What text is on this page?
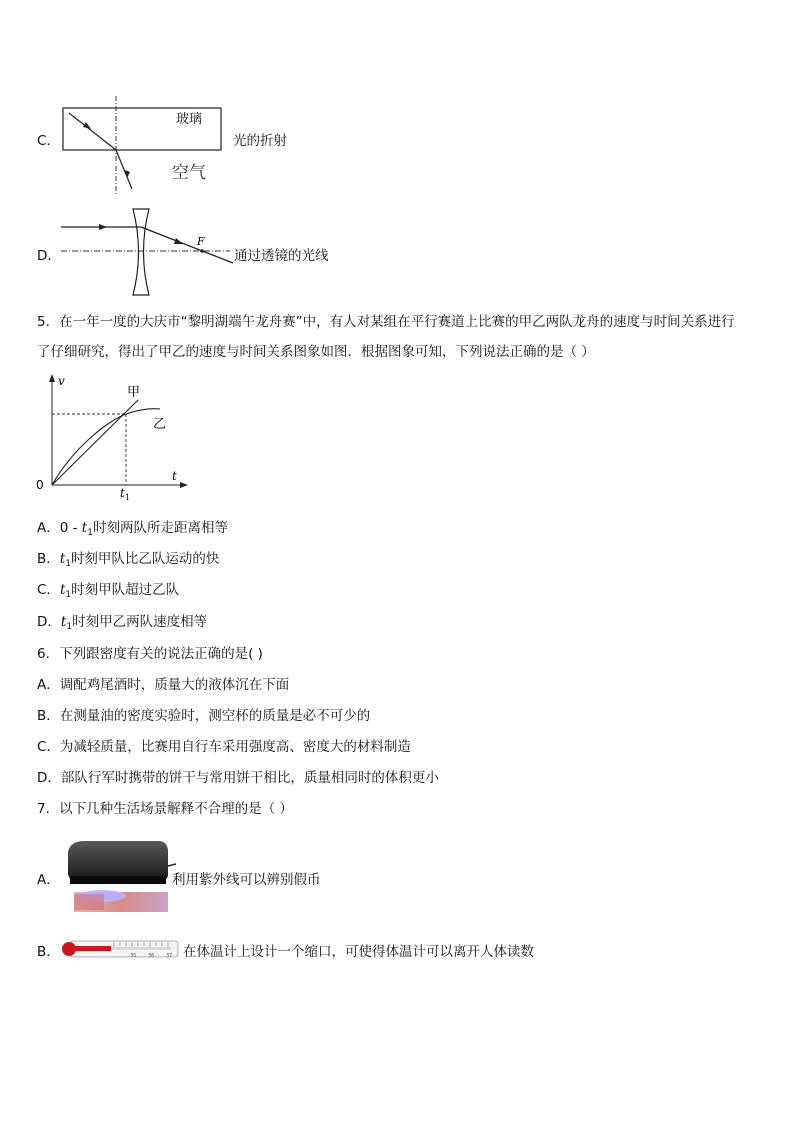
C．
玻璃
空气
光的折射
D．
F
通过透镜的光线
5．在一年一度的大庆市“黎明湖端午龙舟赛”中，有人对某组在平行赛道上比赛的甲乙两队龙舟的速度与时间关系进行
了仔细研究，得出了甲乙的速度与时间关系图象如图．根据图象可知，下列说法正确的是（ ）
v
t
0
$t_1$
甲
乙
A．$0 - t_1$时刻两队所走距离相等
B．$t_1$时刻甲队比乙队运动的快
C．$t_1$时刻甲队超过乙队
D．$t_1$时刻甲乙两队速度相等
6．下列跟密度有关的说法正确的是( )
A．调配鸡尾酒时，质量大的液体沉在下面
B．在测量油的密度实验时，测空杯的质量是必不可少的
C．为减轻质量，比赛用自行车采用强度高、密度大的材料制造
D．部队行军时携带的饼干与常用饼干相比，质量相同时的体积更小
7．以下几种生活场景解释不合理的是（ ）
A．	利用紫外线可以辨别假币
B．	35 36 37 在体温计上设计一个缩口，可使得体温计可以离开人体读数
